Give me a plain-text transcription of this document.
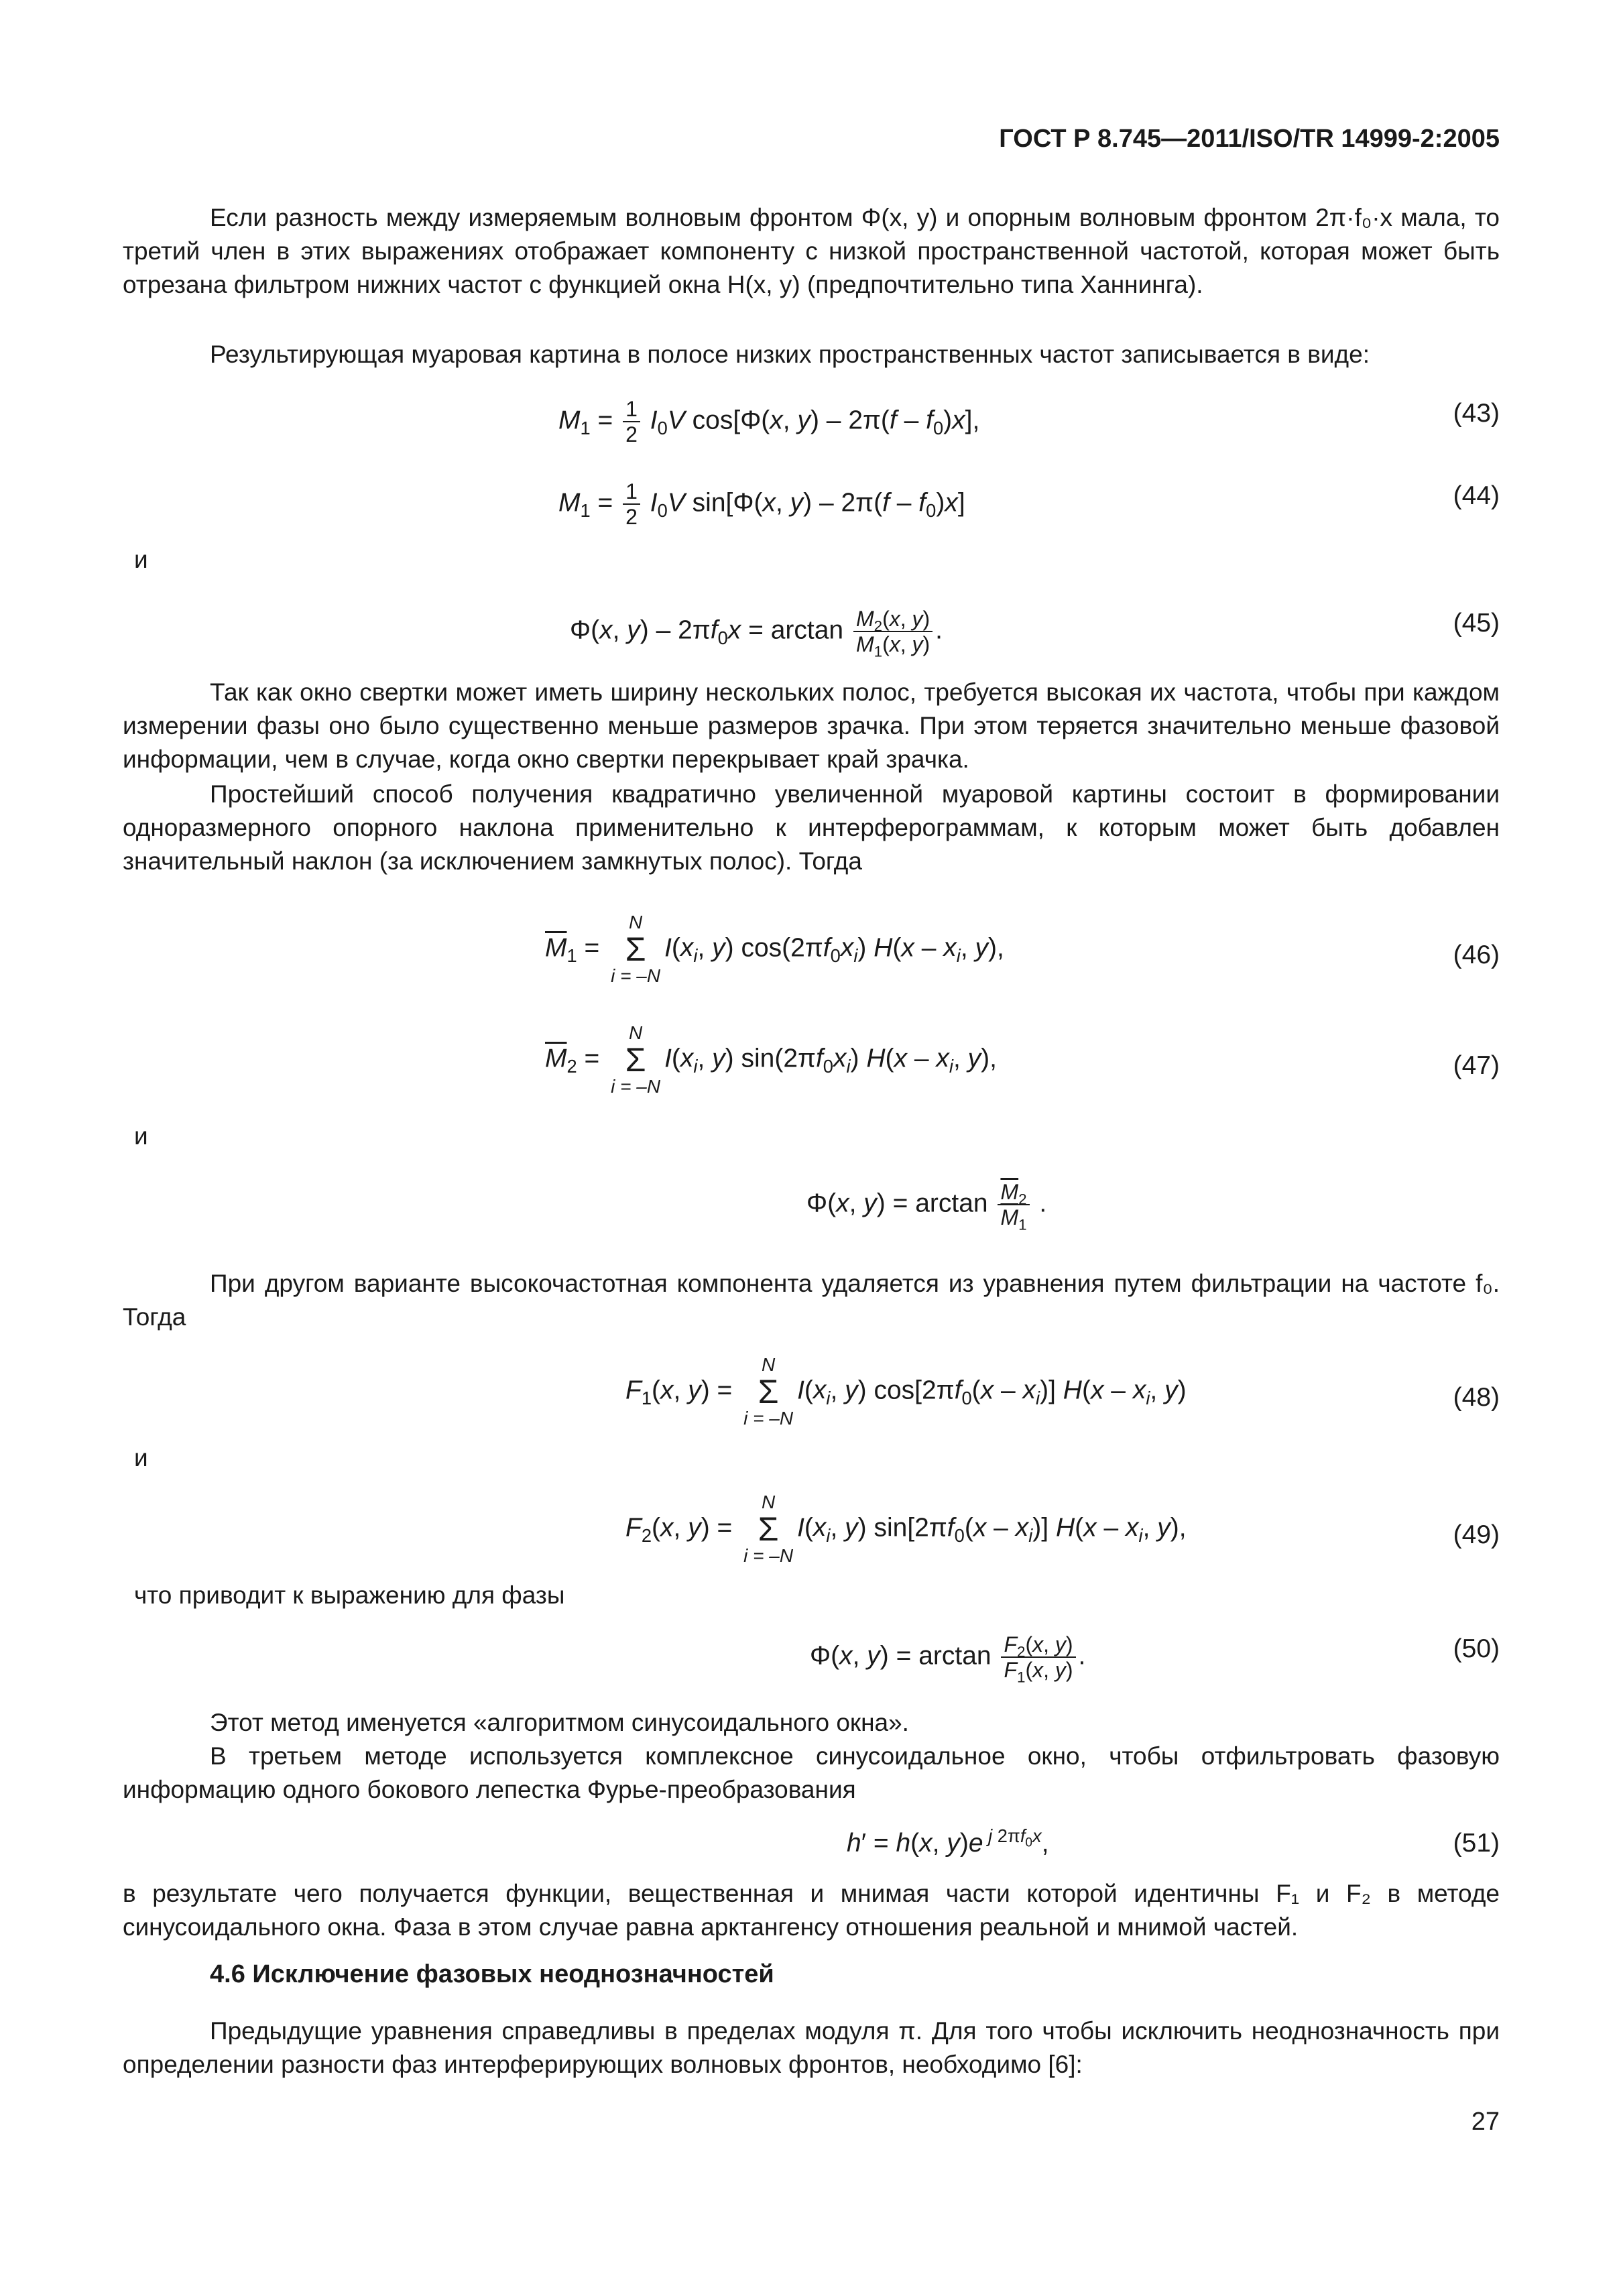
ГОСТ Р 8.745—2011/ISO/TR 14999-2:2005

Если разность между измеряемым волновым фронтом Φ(x, y) и опорным волновым фронтом 2π·f₀·x мала, то третий член в этих выражениях отображает компоненту с низкой пространственной частотой, которая может быть отрезана фильтром нижних частот с функцией окна H(x, y) (предпочтительно типа Ханнинга).

Результирующая муаровая картина в полосе низких пространственных частот записывается в виде:

$M_1 = \frac{1}{2} I_0V$ cos[Φ(x, $y) - 2\pi(f - f_0)x$],	(43)
$M_1 = \frac{1}{2} I_0V$ sin[Φ(x, $y) - 2\pi(f - f_0)x$]	(44)
и
Φ(x, $y) - 2\pi f_0x = \arctan \frac{M_2(x, y)}{M_1(x, y)}$ .	(45)

Так как окно свертки может иметь ширину нескольких полос, требуется высокая их частота, чтобы при каждом измерении фазы оно было существенно меньше размеров зрачка. При этом теряется значительно меньше фазовой информации, чем в случае, когда окно свертки перекрывает край зрачка.

Простейший способ получения квадратично увеличенной муаровой картины состоит в формировании одноразмерного опорного наклона применительно к интерферограммам, к которым может быть добавлен значительный наклон (за исключением замкнутых полос). Тогда

$\overline{M}_1$ =
N
Σ
i = –N
$I(x_i$, y) $\cos(2\pi f_0x_i)$ $H(x - x_i$, y),	(46)
$\overline{M}_2$ =
N
Σ
i = –N
$I(x_i$, y) $\sin(2\pi f_0x_i)$ $H(x - x_i$, y),	(47)
и
Φ(x, $y) = \arctan \frac{\overline{M}_2}{\overline{M}_1}$ .

При другом варианте высокочастотная компонента удаляется из уравнения путем фильтрации на частоте f₀. Тогда

$F_1(x$, y) =
N
Σ
i = –N
$I(x_i$, y) $\cos[2\pi f_0(x - x_i)]$ $H(x - x_i$, y)	(48)
и
$F_2(x$, y) =
N
Σ
i = –N
$I(x_i$, y) $\sin[2\pi f_0(x - x_i)]$ $H(x - x_i$, y),	(49)

что приводит к выражению для фазы

Φ(x, $y) = \arctan \frac{F_2(x, y)}{F_1(x, y)}$ .	(50)

Этот метод именуется «алгоритмом синусоидального окна».

В третьем методе используется комплексное синусоидальное окно, чтобы отфильтровать фазовую информацию одного бокового лепестка Фурье-преобразования

h′ = h(x, y)e $^{j 2\pi f_0x}$,	(51)

в результате чего получается функции, вещественная и мнимая части которой идентичны F₁ и F₂ в методе синусоидального окна. Фаза в этом случае равна арктангенсу отношения реальной и мнимой частей.

4.6 Исключение фазовых неоднозначностей

Предыдущие уравнения справедливы в пределах модуля π. Для того чтобы исключить неоднозначность при определении разности фаз интерферирующих волновых фронтов, необходимо [6]:

27
